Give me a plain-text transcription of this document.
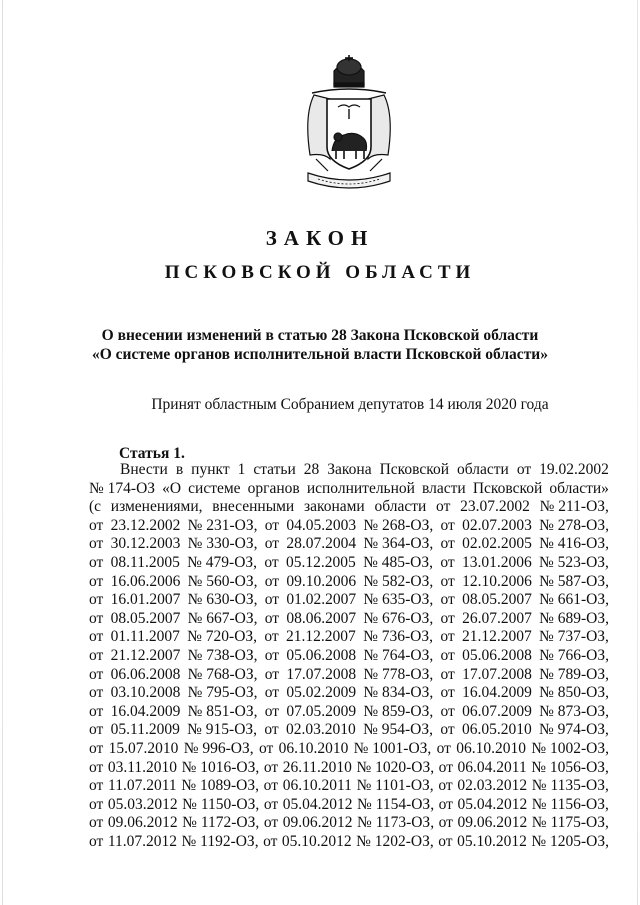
ЗАКОН
ПСКОВСКОЙ ОБЛАСТИ
О внесении изменений в статью 28 Закона Псковской области
«О системе органов исполнительной власти Псковской области»
Принят областным Собранием депутатов 14 июля 2020 года
Статья 1.
Внести в пункт 1 статьи 28 Закона Псковской области от 19.02.2002
№ 174-ОЗ «О системе органов исполнительной власти Псковской области»
(с изменениями, внесенными законами области от 23.07.2002 № 211-ОЗ,
от 23.12.2002 № 231-ОЗ, от 04.05.2003 № 268-ОЗ, от 02.07.2003 № 278-ОЗ,
от 30.12.2003 № 330-ОЗ, от 28.07.2004 № 364-ОЗ, от 02.02.2005 № 416-ОЗ,
от 08.11.2005 № 479-ОЗ, от 05.12.2005 № 485-ОЗ, от 13.01.2006 № 523-ОЗ,
от 16.06.2006 № 560-ОЗ, от 09.10.2006 № 582-ОЗ, от 12.10.2006 № 587-ОЗ,
от 16.01.2007 № 630-ОЗ, от 01.02.2007 № 635-ОЗ, от 08.05.2007 № 661-ОЗ,
от 08.05.2007 № 667-ОЗ, от 08.06.2007 № 676-ОЗ, от 26.07.2007 № 689-ОЗ,
от 01.11.2007 № 720-ОЗ, от 21.12.2007 № 736-ОЗ, от 21.12.2007 № 737-ОЗ,
от 21.12.2007 № 738-ОЗ, от 05.06.2008 № 764-ОЗ, от 05.06.2008 № 766-ОЗ,
от 06.06.2008 № 768-ОЗ, от 17.07.2008 № 778-ОЗ, от 17.07.2008 № 789-ОЗ,
от 03.10.2008 № 795-ОЗ, от 05.02.2009 № 834-ОЗ, от 16.04.2009 № 850-ОЗ,
от 16.04.2009 № 851-ОЗ, от 07.05.2009 № 859-ОЗ, от 06.07.2009 № 873-ОЗ,
от 05.11.2009 № 915-ОЗ, от 02.03.2010 № 954-ОЗ, от 06.05.2010 № 974-ОЗ,
от 15.07.2010 № 996-ОЗ, от 06.10.2010 № 1001-ОЗ, от 06.10.2010 № 1002-ОЗ,
от 03.11.2010 № 1016-ОЗ, от 26.11.2010 № 1020-ОЗ, от 06.04.2011 № 1056-ОЗ,
от 11.07.2011 № 1089-ОЗ, от 06.10.2011 № 1101-ОЗ, от 02.03.2012 № 1135-ОЗ,
от 05.03.2012 № 1150-ОЗ, от 05.04.2012 № 1154-ОЗ, от 05.04.2012 № 1156-ОЗ,
от 09.06.2012 № 1172-ОЗ, от 09.06.2012 № 1173-ОЗ, от 09.06.2012 № 1175-ОЗ,
от 11.07.2012 № 1192-ОЗ, от 05.10.2012 № 1202-ОЗ, от 05.10.2012 № 1205-ОЗ,
